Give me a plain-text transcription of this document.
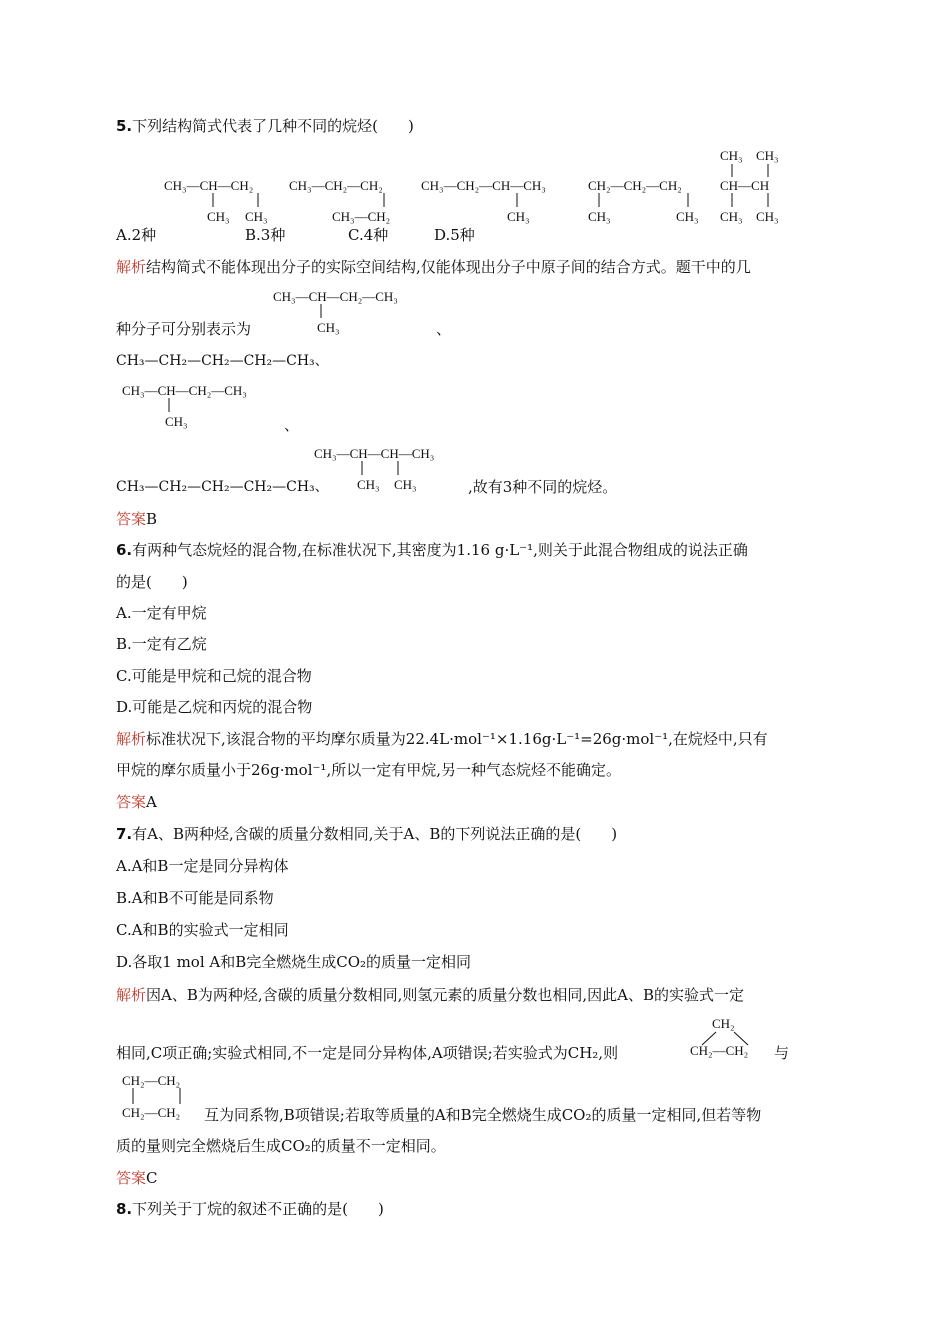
5.下列结构简式代表了几种不同的烷烃(　　)
CH₃—CH—CH₂
CH₃ CH₃
CH₃—CH₂—CH₂
CH₃—CH₂
CH₃—CH₂—CH—CH₃
CH₃
CH₂—CH₂—CH₂
CH₃	CH₃
CH₃ CH₃
CH—CH
CH₃ CH₃
CH₃—CH—CH₂—CH₃
CH₃
CH₃—CH—CH₂—CH₃
CH₃
CH₃—CH—CH—CH₃
CH₃ CH₃
CH₂
CH₂—CH₂
CH₂—CH₂
CH₂—CH₂
A.2种	B.3种	C.4种	D.5种
解析结构简式不能体现出分子的实际空间结构,仅能体现出分子中原子间的结合方式。题干中的几
种分子可分别表示为	、
CH₃—CH₂—CH₂—CH₂—CH₃、
、
CH₃—CH₂—CH₂—CH₂—CH₃、	,故有3种不同的烷烃。
答案B
6.有两种气态烷烃的混合物,在标准状况下,其密度为1.16 g·L⁻¹,则关于此混合物组成的说法正确
的是(　　)
A.一定有甲烷
B.一定有乙烷
C.可能是甲烷和己烷的混合物
D.可能是乙烷和丙烷的混合物
解析标准状况下,该混合物的平均摩尔质量为22.4L·mol⁻¹×1.16g·L⁻¹=26g·mol⁻¹,在烷烃中,只有
甲烷的摩尔质量小于26g·mol⁻¹,所以一定有甲烷,另一种气态烷烃不能确定。
答案A
7.有A、B两种烃,含碳的质量分数相同,关于A、B的下列说法正确的是(　　)
A.A和B一定是同分异构体
B.A和B不可能是同系物
C.A和B的实验式一定相同
D.各取1 mol A和B完全燃烧生成CO₂的质量一定相同
解析因A、B为两种烃,含碳的质量分数相同,则氢元素的质量分数也相同,因此A、B的实验式一定
相同,C项正确;实验式相同,不一定是同分异构体,A项错误;若实验式为CH₂,则	与
互为同系物,B项错误;若取等质量的A和B完全燃烧生成CO₂的质量一定相同,但若等物
质的量则完全燃烧后生成CO₂的质量不一定相同。
答案C
8.下列关于丁烷的叙述不正确的是(　　)
